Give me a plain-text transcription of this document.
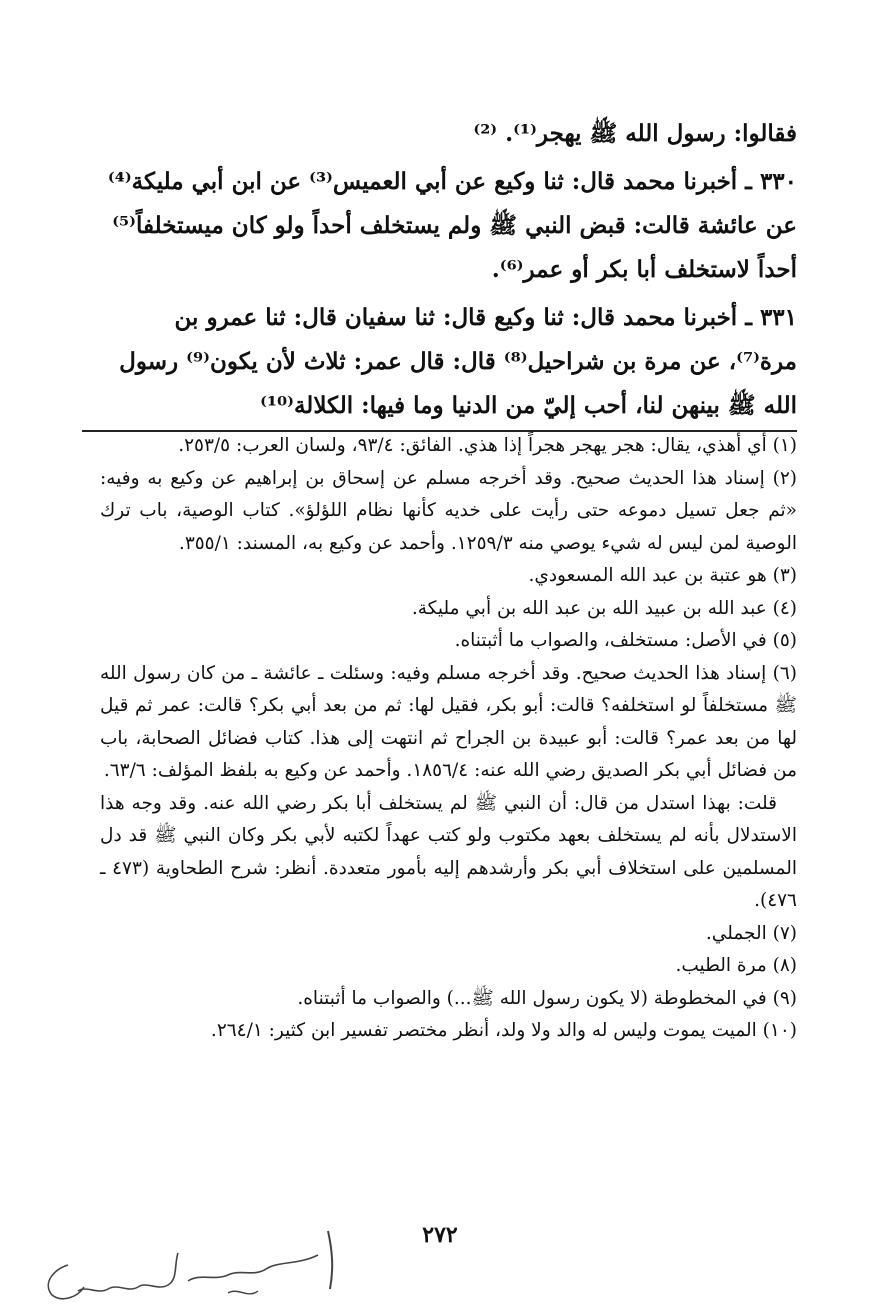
فقالوا: رسول الله ﷺ يهجر⁽¹⁾. ⁽²⁾

٣٣٠ ـ أخبرنا محمد قال: ثنا وكيع عن أبي العميس⁽³⁾ عن ابن أبي مليكة⁽⁴⁾ عن عائشة قالت: قبض النبي ﷺ ولم يستخلف أحداً ولو كان ميستخلفاً⁽⁵⁾ أحداً لاستخلف أبا بكر أو عمر⁽⁶⁾.

٣٣١ ـ أخبرنا محمد قال: ثنا وكيع قال: ثنا سفيان قال: ثنا عمرو بن مرة⁽⁷⁾، عن مرة بن شراحيل⁽⁸⁾ قال: قال عمر: ثلاث لأن يكون⁽⁹⁾ رسول الله ﷺ بينهن لنا، أحب إليّ من الدنيا وما فيها: الكلالة⁽¹⁰⁾

(١) أي أهذي، يقال: هجر يهجر هجراً إذا هذي. الفائق: ٩٣/٤، ولسان العرب: ٢٥٣/٥.

(٢) إسناد هذا الحديث صحيح. وقد أخرجه مسلم عن إسحاق بن إبراهيم عن وكيع به وفيه: «ثم جعل تسيل دموعه حتى رأيت على خديه كأنها نظام اللؤلؤ». كتاب الوصية، باب ترك الوصية لمن ليس له شيء يوصي منه ١٢٥٩/٣. وأحمد عن وكيع به، المسند: ٣٥٥/١.

(٣) هو عتبة بن عبد الله المسعودي.

(٤) عبد الله بن عبيد الله بن عبد الله بن أبي مليكة.

(٥) في الأصل: مستخلف، والصواب ما أثبتناه.

(٦) إسناد هذا الحديث صحيح. وقد أخرجه مسلم وفيه: وسئلت ـ عائشة ـ من كان رسول الله ﷺ مستخلفاً لو استخلفه؟ قالت: أبو بكر، فقيل لها: ثم من بعد أبي بكر؟ قالت: عمر ثم قيل لها من بعد عمر؟ قالت: أبو عبيدة بن الجراح ثم انتهت إلى هذا. كتاب فضائل الصحابة، باب من فضائل أبي بكر الصديق رضي الله عنه: ١٨٥٦/٤. وأحمد عن وكيع به بلفظ المؤلف: ٦٣/٦.

قلت: بهذا استدل من قال: أن النبي ﷺ لم يستخلف أبا بكر رضي الله عنه. وقد وجه هذا الاستدلال بأنه لم يستخلف بعهد مكتوب ولو كتب عهداً لكتبه لأبي بكر وكان النبي ﷺ قد دل المسلمين على استخلاف أبي بكر وأرشدهم إليه بأمور متعددة. أنظر: شرح الطحاوية (٤٧٣ ـ ٤٧٦).

(٧) الجملي.

(٨) مرة الطيب.

(٩) في المخطوطة (لا يكون رسول الله ﷺ...) والصواب ما أثبتناه.

(١٠) الميت يموت وليس له والد ولا ولد، أنظر مختصر تفسير ابن كثير: ٢٦٤/١.

٢٧٢
